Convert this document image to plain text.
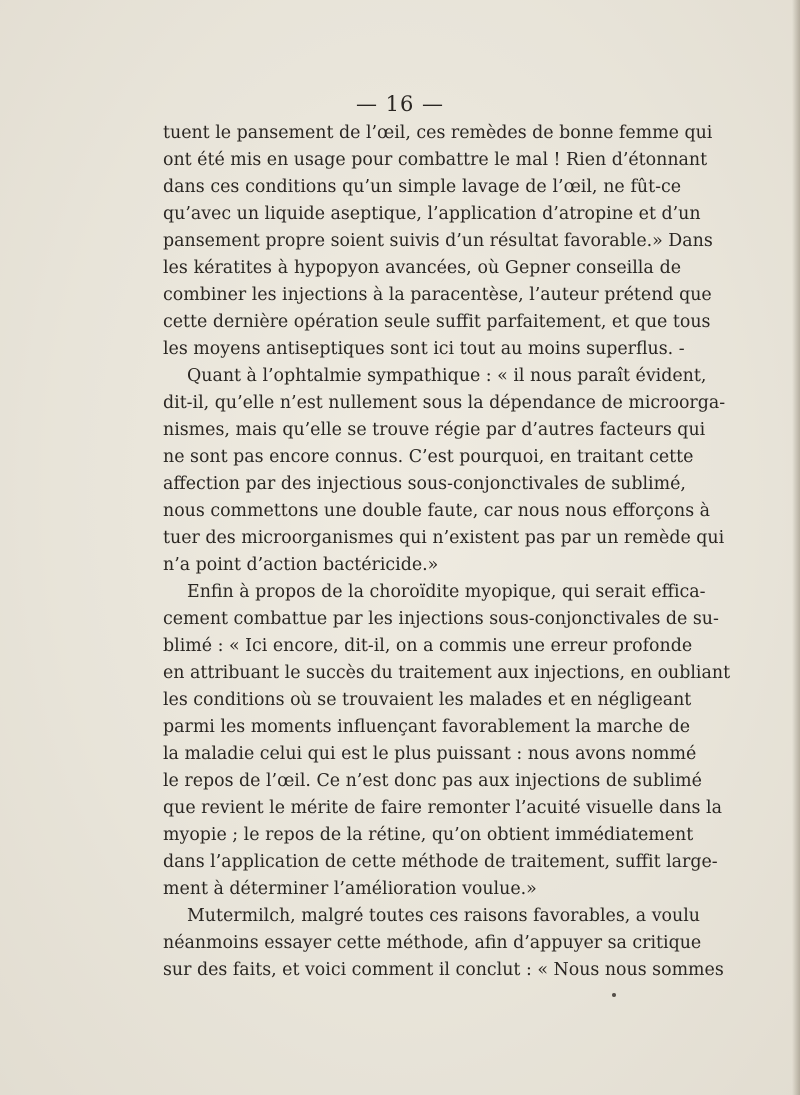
— 16 —
tuent le pansement de l’œil, ces remèdes de bonne femme qui
ont été mis en usage pour combattre le mal ! Rien d’étonnant
dans ces conditions qu’un simple lavage de l’œil, ne fût-ce
qu’avec un liquide aseptique, l’application d’atropine et d’un
pansement propre soient suivis d’un résultat favorable.» Dans
les kératites à hypopyon avancées, où Gepner conseilla de
combiner les injections à la paracentèse, l’auteur prétend que
cette dernière opération seule suffit parfaitement, et que tous
les moyens antiseptiques sont ici tout au moins superflus. -
Quant à l’ophtalmie sympathique : « il nous paraît évident,
dit-il, qu’elle n’est nullement sous la dépendance de microorga-
nismes, mais qu’elle se trouve régie par d’autres facteurs qui
ne sont pas encore connus. C’est pourquoi, en traitant cette
affection par des injectious sous-conjonctivales de sublimé,
nous commettons une double faute, car nous nous efforçons à
tuer des microorganismes qui n’existent pas par un remède qui
n’a point d’action bactéricide.»
Enfin à propos de la choroïdite myopique, qui serait effica-
cement combattue par les injections sous-conjonctivales de su-
blimé : « Ici encore, dit-il, on a commis une erreur profonde
en attribuant le succès du traitement aux injections, en oubliant
les conditions où se trouvaient les malades et en négligeant
parmi les moments influençant favorablement la marche de
la maladie celui qui est le plus puissant : nous avons nommé
le repos de l’œil. Ce n’est donc pas aux injections de sublimé
que revient le mérite de faire remonter l’acuité visuelle dans la
myopie ; le repos de la rétine, qu’on obtient immédiatement
dans l’application de cette méthode de traitement, suffit large-
ment à déterminer l’amélioration voulue.»
Mutermilch, malgré toutes ces raisons favorables, a voulu
néanmoins essayer cette méthode, afin d’appuyer sa critique
sur des faits, et voici comment il conclut : « Nous nous sommes
